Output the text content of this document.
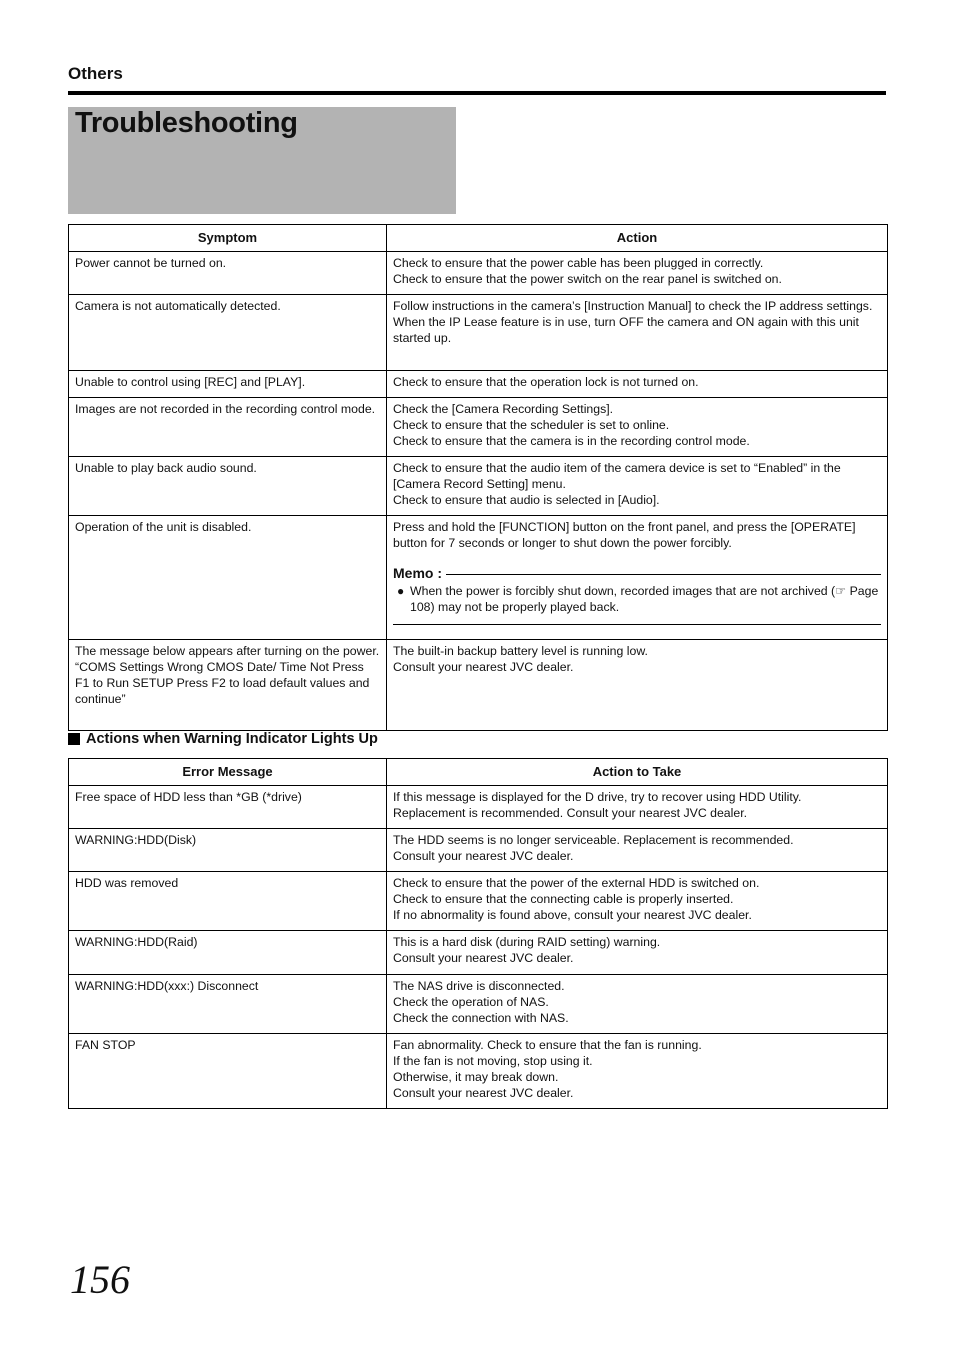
Others
Troubleshooting
Symptom	Action

Power cannot be turned on.	Check to ensure that the power cable has been plugged in correctly.
Check to ensure that the power switch on the rear panel is switched on.

Camera is not automatically detected.	Follow instructions in the camera’s [Instruction Manual] to check the IP address settings.
When the IP Lease feature is in use, turn OFF the camera and ON again with this unit started up.

Unable to control using [REC] and [PLAY].	Check to ensure that the operation lock is not turned on.

Images are not recorded in the recording control mode.	Check the [Camera Recording Settings].
Check to ensure that the scheduler is set to online.
Check to ensure that the camera is in the recording control mode.

Unable to play back audio sound.	Check to ensure that the audio item of the camera device is set to “Enabled” in the [Camera Record Setting] menu.
Check to ensure that audio is selected in [Audio].

Operation of the unit is disabled.	Press and hold the [FUNCTION] button on the front panel, and press the [OPERATE] button for 7 seconds or longer to shut down the power forcibly.
Memo :
● When the power is forcibly shut down, recorded images that are not archived (☞ Page 108) may not be properly played back.

The message below appears after turning on the power.
“COMS Settings Wrong CMOS Date/ Time Not Press F1 to Run SETUP Press F2 to load default values and continue”	The built-in backup battery level is running low.
Consult your nearest JVC dealer.
Actions when Warning Indicator Lights Up
Error Message	Action to Take

Free space of HDD less than *GB (*drive)	If this message is displayed for the D drive, try to recover using HDD Utility.
Replacement is recommended. Consult your nearest JVC dealer.

WARNING:HDD(Disk)	The HDD seems is no longer serviceable. Replacement is recommended.
Consult your nearest JVC dealer.

HDD was removed	Check to ensure that the power of the external HDD is switched on.
Check to ensure that the connecting cable is properly inserted.
If no abnormality is found above, consult your nearest JVC dealer.

WARNING:HDD(Raid)	This is a hard disk (during RAID setting) warning.
Consult your nearest JVC dealer.

WARNING:HDD(xxx:) Disconnect	The NAS drive is disconnected.
Check the operation of NAS.
Check the connection with NAS.

FAN STOP	Fan abnormality. Check to ensure that the fan is running.
If the fan is not moving, stop using it.
Otherwise, it may break down.
Consult your nearest JVC dealer.
156
